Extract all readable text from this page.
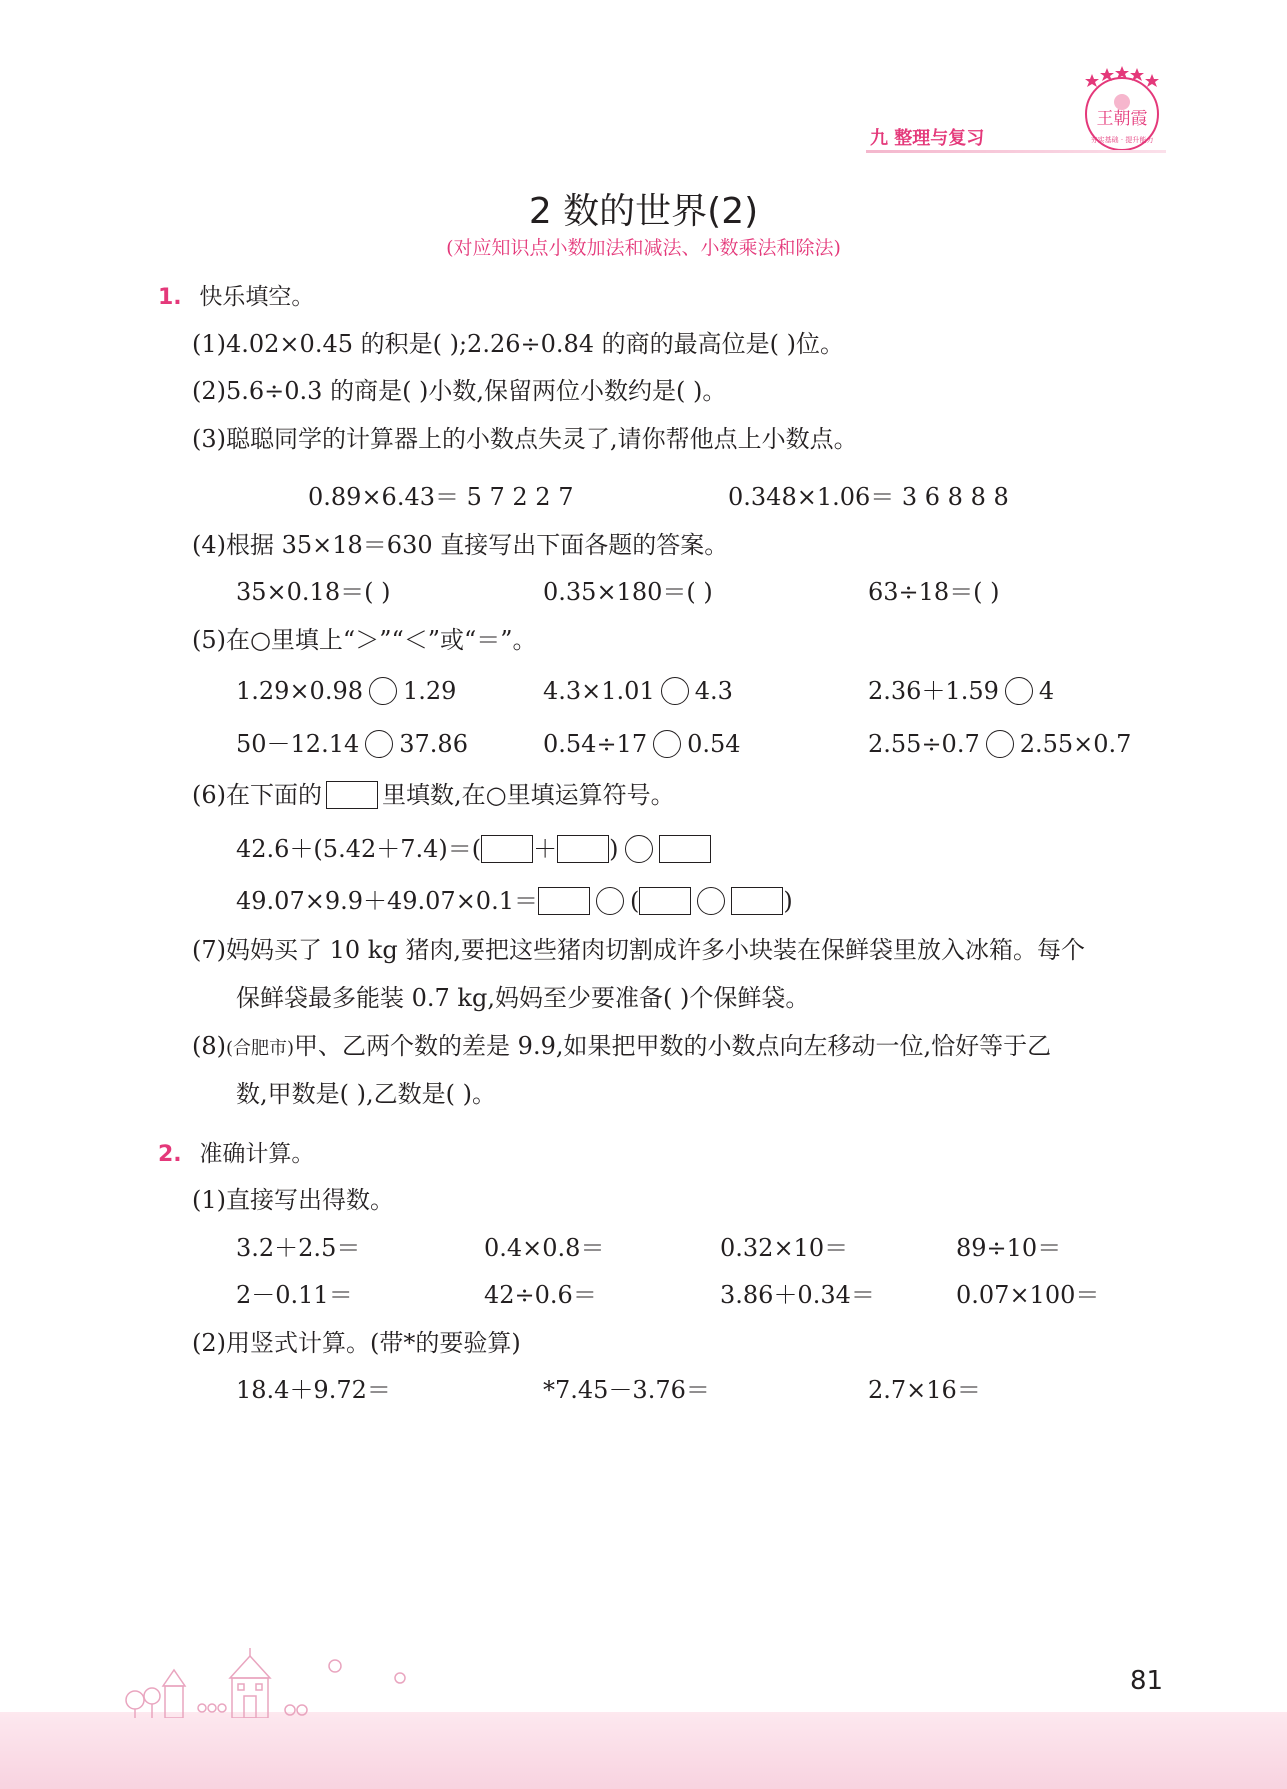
王朝霞
夯实基础 · 提升能力
九 整理与复习
2 数的世界(2)
(对应知识点小数加法和减法、小数乘法和除法)
1. 快乐填空。
(1)4.02×0.45 的积是( );2.26÷0.84 的商的最高位是( )位。
(2)5.6÷0.3 的商是( )小数,保留两位小数约是( )。
(3)聪聪同学的计算器上的小数点失灵了,请你帮他点上小数点。
0.89×6.43＝ 5 7 2 2 7	0.348×1.06＝ 3 6 8 8 8
(4)根据 35×18＝630 直接写出下面各题的答案。
35×0.18＝( )	0.35×180＝( )	63÷18＝( )
(5)在○里填上“＞”“＜”或“＝”。
1.29×0.98 1.29	4.3×1.01 4.3	2.36＋1.59 4
50－12.14 37.86	0.54÷17 0.54	2.55÷0.7 2.55×0.7
(6)在下面的	里填数,在○里填运算符号。
42.6＋(5.42＋7.4)＝( ＋ )
49.07×9.9＋49.07×0.1＝	(	)
(7)妈妈买了 10 kg 猪肉,要把这些猪肉切割成许多小块装在保鲜袋里放入冰箱。每个
保鲜袋最多能装 0.7 kg,妈妈至少要准备( )个保鲜袋。
(8)(合肥市)甲、乙两个数的差是 9.9,如果把甲数的小数点向左移动一位,恰好等于乙
数,甲数是( ),乙数是( )。
2. 准确计算。
(1)直接写出得数。
3.2＋2.5＝	0.4×0.8＝	0.32×10＝	89÷10＝
2－0.11＝	42÷0.6＝	3.86＋0.34＝	0.07×100＝
(2)用竖式计算。(带*的要验算)
18.4＋9.72＝	*7.45－3.76＝	2.7×16＝
81
